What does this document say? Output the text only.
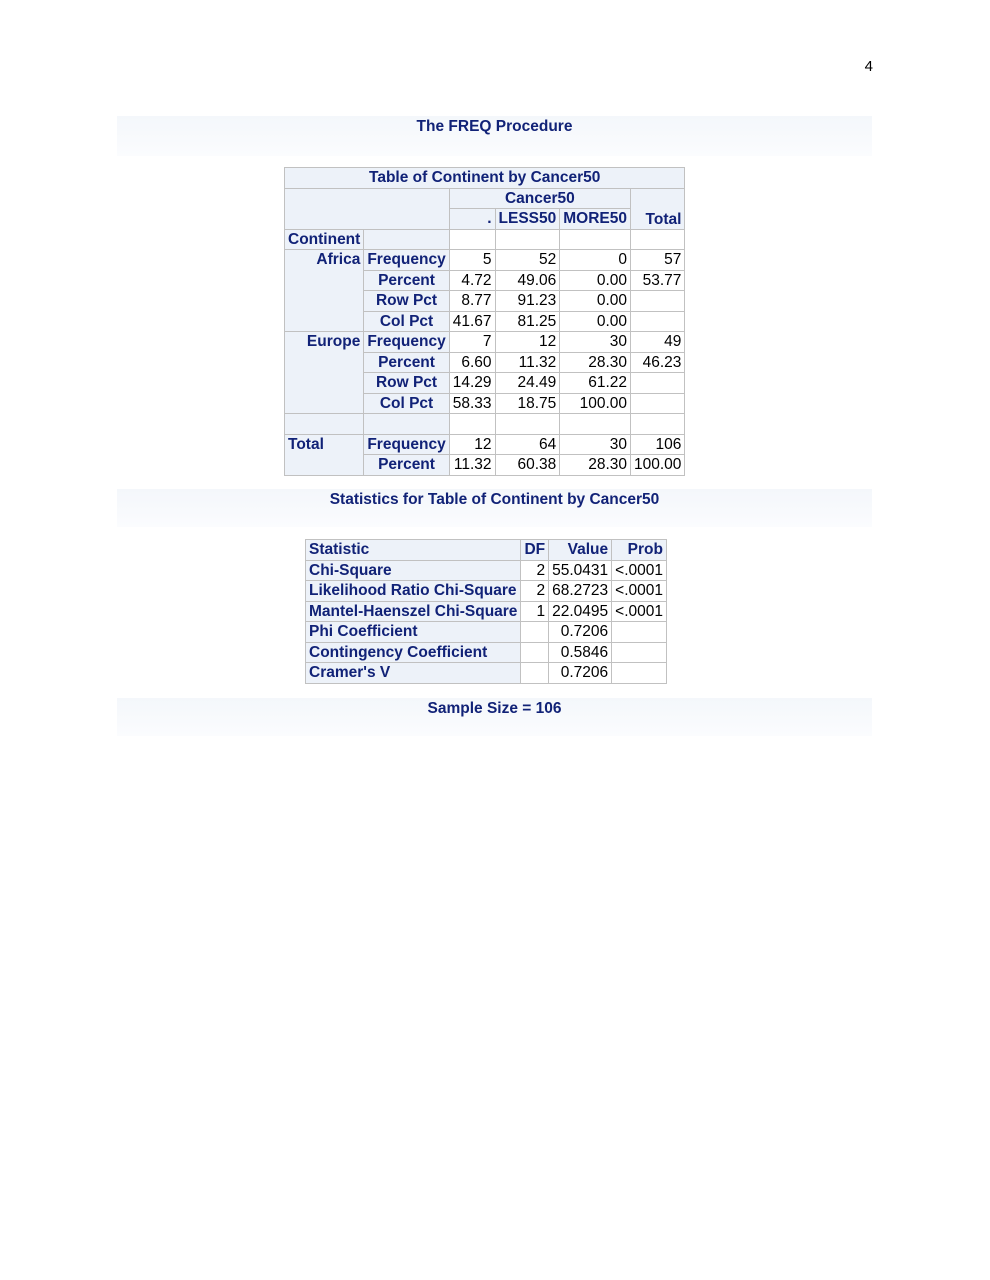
4
The FREQ Procedure
Table of Continent by Cancer50					
		Cancer50			Total
		.	LESS50	MORE50	
Continent					
Africa	Frequency	5	52	0	57
	Percent	4.72	49.06	0.00	53.77
	Row Pct	8.77	91.23	0.00	
	Col Pct	41.67	81.25	0.00	
Europe	Frequency	7	12	30	49
	Percent	6.60	11.32	28.30	46.23
	Row Pct	14.29	24.49	61.22	
	Col Pct	58.33	18.75	100.00	

Total	Frequency	12	64	30	106
	Percent	11.32	60.38	28.30	100.00
Statistics for Table of Continent by Cancer50
Statistic	DF	Value	Prob
Chi-Square	2	55.0431	<.0001
Likelihood Ratio Chi-Square	2	68.2723	<.0001
Mantel-Haenszel Chi-Square	1	22.0495	<.0001
Phi Coefficient		0.7206	
Contingency Coefficient		0.5846	
Cramer's V		0.7206	
Sample Size = 106
